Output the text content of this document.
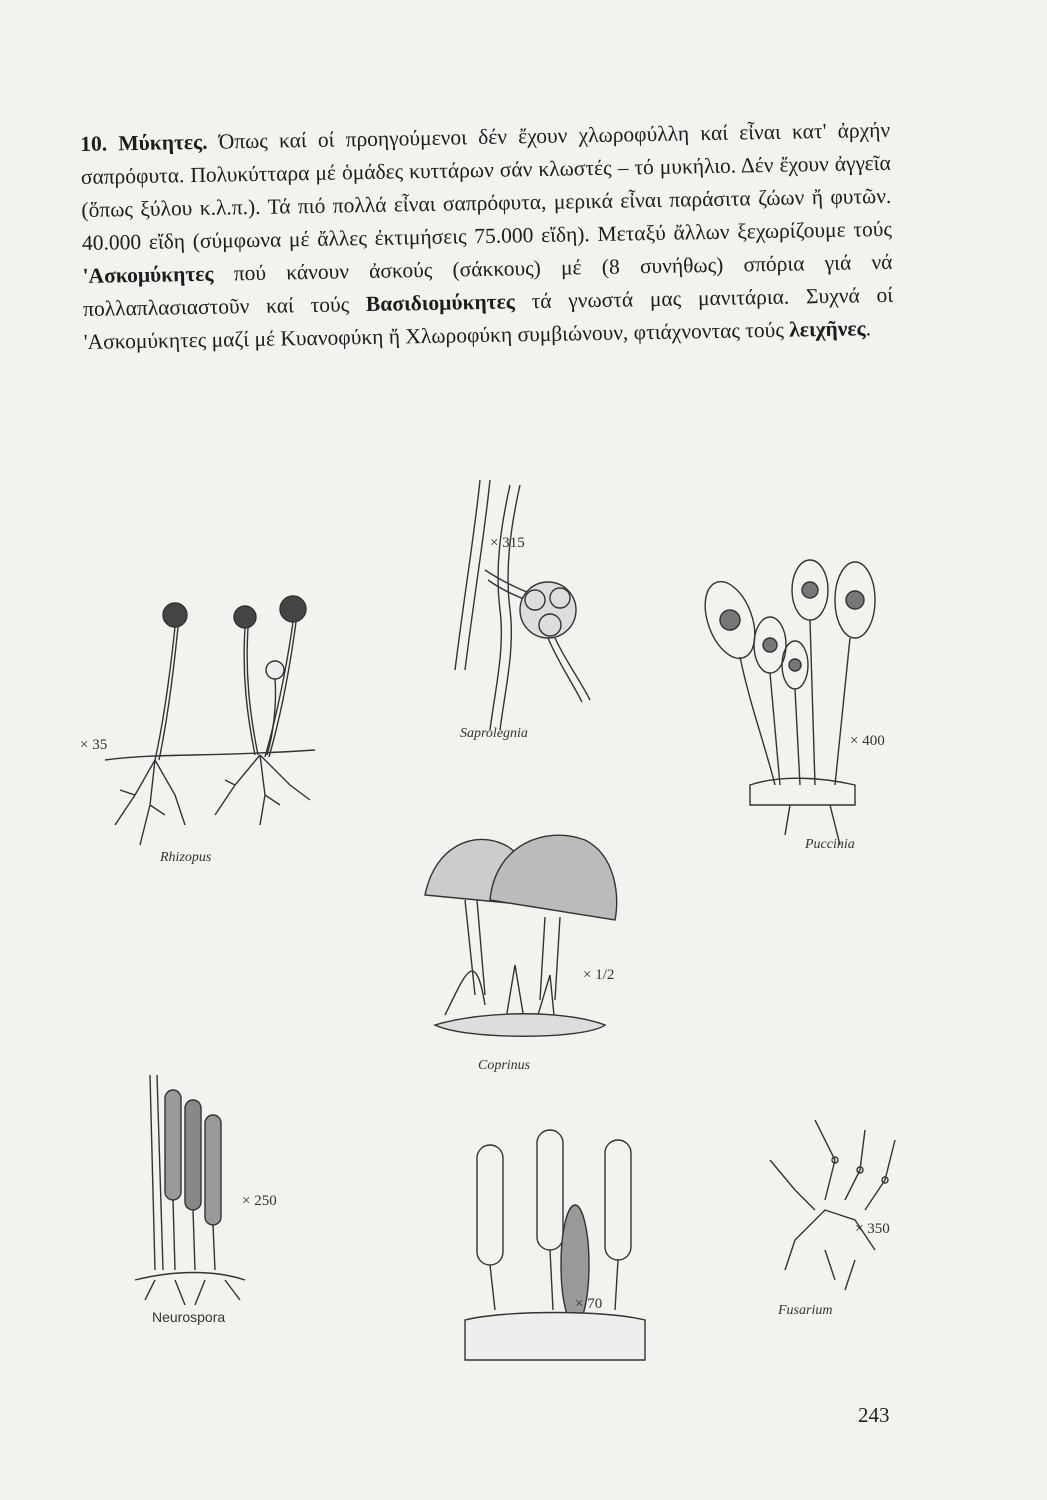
10. Μύκητες. Όπως καί οί προηγούμενοι δέν ἔχουν χλωροφύλλη καί εἶναι κατ' ἀρχήν σαπρόφυτα. Πολυκύτταρα μέ ὁμάδες κυττάρων σάν κλωστές – τό μυκήλιο. Δέν ἔχουν ἀγγεῖα (ὅπως ξύλου κ.λ.π.). Τά πιό πολλά εἶναι σαπρόφυτα, μερικά εἶναι παράσιτα ζώων ἤ φυτῶν. 40.000 εἴδη (σύμφωνα μέ ἄλλες ἐκτιμήσεις 75.000 εἴδη). Μεταξύ ἄλλων ξεχωρίζουμε τούς 'Ασκομύκητες πού κάνουν ἀσκούς (σάκκους) μέ (8 συνήθως) σπόρια γιά νά πολλαπλασιαστοῦν καί τούς Βασιδιομύκητες τά γνωστά μας μανιτάρια. Συχνά οί 'Ασκομύκητες μαζί μέ Κυανοφύκη ἤ Χλωροφύκη συμβιώνουν, φτιάχνοντας τούς λειχῆνες.
× 35
Rhizopus
× 315
Saprolegnia	× 400
Puccinia
× 1/2
Coprinus
× 250
Neurospora
× 70
× 350
Fusarium
243
